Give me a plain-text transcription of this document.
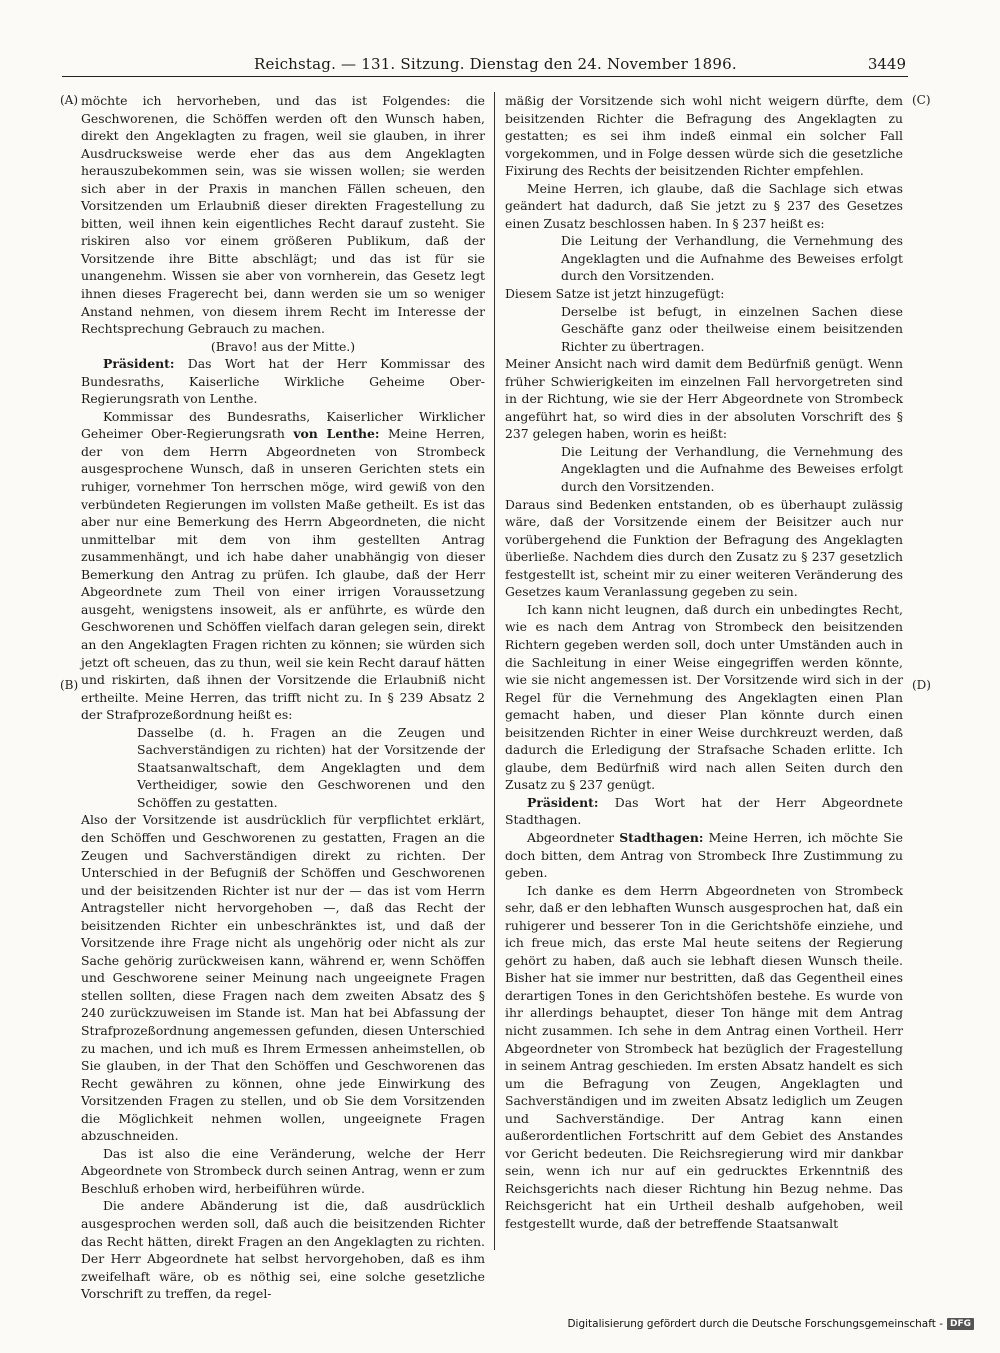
Reichstag. — 131. Sitzung. Dienstag den 24. November 1896.	3449
(A)
(B)
(C)
(D)

möchte ich hervorheben, und das ist Folgendes: die Geschworenen, die Schöffen werden oft den Wunsch haben, direkt den Angeklagten zu fragen, weil sie glauben, in ihrer Ausdrucksweise werde eher das aus dem Angeklagten herauszubekommen sein, was sie wissen wollen; sie werden sich aber in der Praxis in manchen Fällen scheuen, den Vorsitzenden um Erlaubniß dieser direkten Fragestellung zu bitten, weil ihnen kein eigentliches Recht darauf zusteht. Sie riskiren also vor einem größeren Publikum, daß der Vorsitzende ihre Bitte abschlägt; und das ist für sie unangenehm. Wissen sie aber von vornherein, das Gesetz legt ihnen dieses Fragerecht bei, dann werden sie um so weniger Anstand nehmen, von diesem ihrem Recht im Interesse der Rechtsprechung Gebrauch zu machen.

(Bravo! aus der Mitte.)

Präsident: Das Wort hat der Herr Kommissar des Bundesraths, Kaiserliche Wirkliche Geheime Ober-Regierungsrath von Lenthe.

Kommissar des Bundesraths, Kaiserlicher Wirklicher Geheimer Ober-Regierungsrath von Lenthe: Meine Herren, der von dem Herrn Abgeordneten von Strombeck ausgesprochene Wunsch, daß in unseren Gerichten stets ein ruhiger, vornehmer Ton herrschen möge, wird gewiß von den verbündeten Regierungen im vollsten Maße getheilt. Es ist das aber nur eine Bemerkung des Herrn Abgeordneten, die nicht unmittelbar mit dem von ihm gestellten Antrag zusammenhängt, und ich habe daher unabhängig von dieser Bemerkung den Antrag zu prüfen. Ich glaube, daß der Herr Abgeordnete zum Theil von einer irrigen Voraussetzung ausgeht, wenigstens insoweit, als er anführte, es würde den Geschworenen und Schöffen vielfach daran gelegen sein, direkt an den Angeklagten Fragen richten zu können; sie würden sich jetzt oft scheuen, das zu thun, weil sie kein Recht darauf hätten und riskirten, daß ihnen der Vorsitzende die Erlaubniß nicht ertheilte. Meine Herren, das trifft nicht zu. In § 239 Absatz 2 der Strafprozeßordnung heißt es:

Dasselbe (d. h. Fragen an die Zeugen und Sachverständigen zu richten) hat der Vorsitzende der Staatsanwaltschaft, dem Angeklagten und dem Vertheidiger, sowie den Geschworenen und den Schöffen zu gestatten.

Also der Vorsitzende ist ausdrücklich für verpflichtet erklärt, den Schöffen und Geschworenen zu gestatten, Fragen an die Zeugen und Sachverständigen direkt zu richten. Der Unterschied in der Befugniß der Schöffen und Geschworenen und der beisitzenden Richter ist nur der — das ist vom Herrn Antragsteller nicht hervorgehoben —, daß das Recht der beisitzenden Richter ein unbeschränktes ist, und daß der Vorsitzende ihre Frage nicht als ungehörig oder nicht als zur Sache gehörig zurückweisen kann, während er, wenn Schöffen und Geschworene seiner Meinung nach ungeeignete Fragen stellen sollten, diese Fragen nach dem zweiten Absatz des § 240 zurückzuweisen im Stande ist. Man hat bei Abfassung der Strafprozeßordnung angemessen gefunden, diesen Unterschied zu machen, und ich muß es Ihrem Ermessen anheimstellen, ob Sie glauben, in der That den Schöffen und Geschworenen das Recht gewähren zu können, ohne jede Einwirkung des Vorsitzenden Fragen zu stellen, und ob Sie dem Vorsitzenden die Möglichkeit nehmen wollen, ungeeignete Fragen abzuschneiden.

Das ist also die eine Veränderung, welche der Herr Abgeordnete von Strombeck durch seinen Antrag, wenn er zum Beschluß erhoben wird, herbeiführen würde.

Die andere Abänderung ist die, daß ausdrücklich ausgesprochen werden soll, daß auch die beisitzenden Richter das Recht hätten, direkt Fragen an den Angeklagten zu richten. Der Herr Abgeordnete hat selbst hervorgehoben, daß es ihm zweifelhaft wäre, ob es nöthig sei, eine solche gesetzliche Vorschrift zu treffen, da regel-

mäßig der Vorsitzende sich wohl nicht weigern dürfte, dem beisitzenden Richter die Befragung des Angeklagten zu gestatten; es sei ihm indeß einmal ein solcher Fall vorgekommen, und in Folge dessen würde sich die gesetzliche Fixirung des Rechts der beisitzenden Richter empfehlen.

Meine Herren, ich glaube, daß die Sachlage sich etwas geändert hat dadurch, daß Sie jetzt zu § 237 des Gesetzes einen Zusatz beschlossen haben. In § 237 heißt es:

Die Leitung der Verhandlung, die Vernehmung des Angeklagten und die Aufnahme des Beweises erfolgt durch den Vorsitzenden.

Diesem Satze ist jetzt hinzugefügt:

Derselbe ist befugt, in einzelnen Sachen diese Geschäfte ganz oder theilweise einem beisitzenden Richter zu übertragen.

Meiner Ansicht nach wird damit dem Bedürfniß genügt. Wenn früher Schwierigkeiten im einzelnen Fall hervorgetreten sind in der Richtung, wie sie der Herr Abgeordnete von Strombeck angeführt hat, so wird dies in der absoluten Vorschrift des § 237 gelegen haben, worin es heißt:

Die Leitung der Verhandlung, die Vernehmung des Angeklagten und die Aufnahme des Beweises erfolgt durch den Vorsitzenden.

Daraus sind Bedenken entstanden, ob es überhaupt zulässig wäre, daß der Vorsitzende einem der Beisitzer auch nur vorübergehend die Funktion der Befragung des Angeklagten überließe. Nachdem dies durch den Zusatz zu § 237 gesetzlich festgestellt ist, scheint mir zu einer weiteren Veränderung des Gesetzes kaum Veranlassung gegeben zu sein.

Ich kann nicht leugnen, daß durch ein unbedingtes Recht, wie es nach dem Antrag von Strombeck den beisitzenden Richtern gegeben werden soll, doch unter Umständen auch in die Sachleitung in einer Weise eingegriffen werden könnte, wie sie nicht angemessen ist. Der Vorsitzende wird sich in der Regel für die Vernehmung des Angeklagten einen Plan gemacht haben, und dieser Plan könnte durch einen beisitzenden Richter in einer Weise durchkreuzt werden, daß dadurch die Erledigung der Strafsache Schaden erlitte. Ich glaube, dem Bedürfniß wird nach allen Seiten durch den Zusatz zu § 237 genügt.

Präsident: Das Wort hat der Herr Abgeordnete Stadthagen.

Abgeordneter Stadthagen: Meine Herren, ich möchte Sie doch bitten, dem Antrag von Strombeck Ihre Zustimmung zu geben.

Ich danke es dem Herrn Abgeordneten von Strombeck sehr, daß er den lebhaften Wunsch ausgesprochen hat, daß ein ruhigerer und besserer Ton in die Gerichtshöfe einziehe, und ich freue mich, das erste Mal heute seitens der Regierung gehört zu haben, daß auch sie lebhaft diesen Wunsch theile. Bisher hat sie immer nur bestritten, daß das Gegentheil eines derartigen Tones in den Gerichtshöfen bestehe. Es wurde von ihr allerdings behauptet, dieser Ton hänge mit dem Antrag nicht zusammen. Ich sehe in dem Antrag einen Vortheil. Herr Abgeordneter von Strombeck hat bezüglich der Fragestellung in seinem Antrag geschieden. Im ersten Absatz handelt es sich um die Befragung von Zeugen, Angeklagten und Sachverständigen und im zweiten Absatz lediglich um Zeugen und Sachverständige. Der Antrag kann einen außerordentlichen Fortschritt auf dem Gebiet des Anstandes vor Gericht bedeuten. Die Reichsregierung wird mir dankbar sein, wenn ich nur auf ein gedrucktes Erkenntniß des Reichsgerichts nach dieser Richtung hin Bezug nehme. Das Reichsgericht hat ein Urtheil deshalb aufgehoben, weil festgestellt wurde, daß der betreffende Staatsanwalt

Digitalisierung gefördert durch die Deutsche Forschungsgemeinschaft - DFG
